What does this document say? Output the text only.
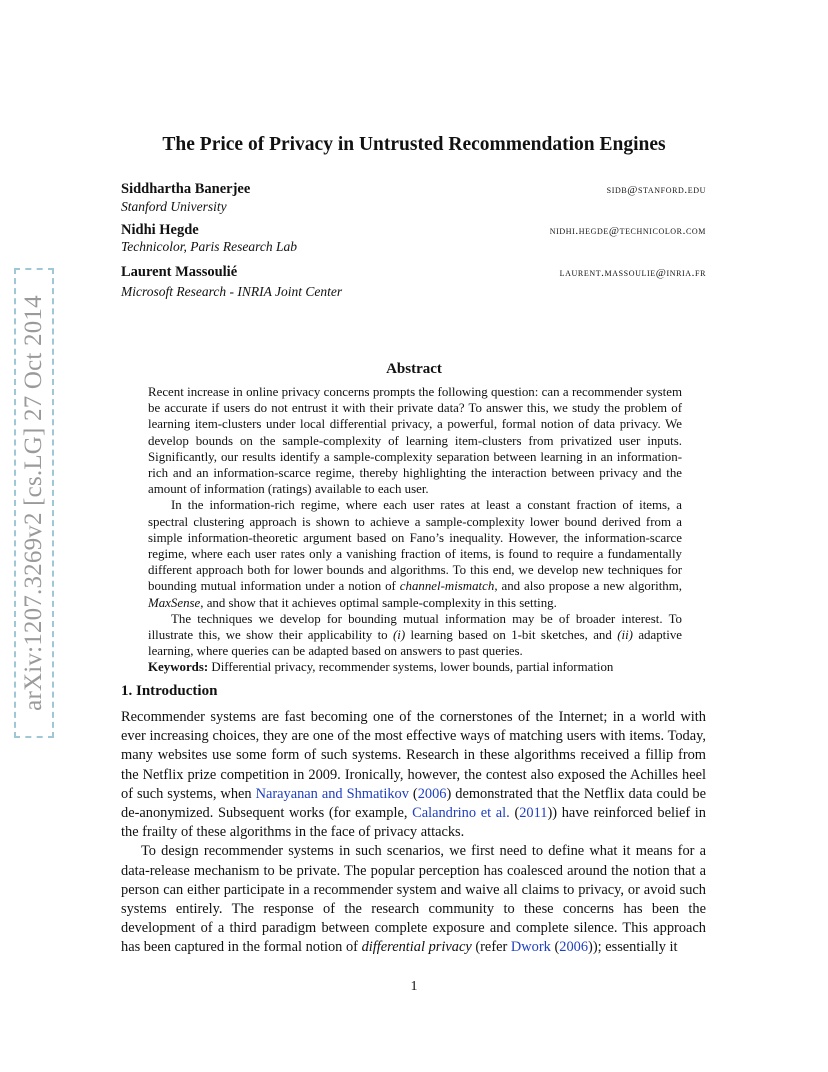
arXiv:1207.3269v2 [cs.LG] 27 Oct 2014
The Price of Privacy in Untrusted Recommendation Engines
Siddhartha Banerjee	sidb@stanford.edu
Stanford University
Nidhi Hegde	nidhi.hegde@technicolor.com
Technicolor, Paris Research Lab
Laurent Massoulié	laurent.massoulie@inria.fr
Microsoft Research - INRIA Joint Center
Abstract

Recent increase in online privacy concerns prompts the following question: can a recommender system be accurate if users do not entrust it with their private data? To answer this, we study the problem of learning item-clusters under local differential privacy, a powerful, formal notion of data privacy. We develop bounds on the sample-complexity of learning item-clusters from privatized user inputs. Significantly, our results identify a sample-complexity separation between learning in an information-rich and an information-scarce regime, thereby highlighting the interaction between privacy and the amount of information (ratings) available to each user.

In the information-rich regime, where each user rates at least a constant fraction of items, a spectral clustering approach is shown to achieve a sample-complexity lower bound derived from a simple information-theoretic argument based on Fano’s inequality. However, the information-scarce regime, where each user rates only a vanishing fraction of items, is found to require a fundamentally different approach both for lower bounds and algorithms. To this end, we develop new techniques for bounding mutual information under a notion of channel-mismatch, and also propose a new algorithm, MaxSense, and show that it achieves optimal sample-complexity in this setting.

The techniques we develop for bounding mutual information may be of broader interest. To illustrate this, we show their applicability to (i) learning based on 1-bit sketches, and (ii) adaptive learning, where queries can be adapted based on answers to past queries.

Keywords: Differential privacy, recommender systems, lower bounds, partial information

1. Introduction

Recommender systems are fast becoming one of the cornerstones of the Internet; in a world with ever increasing choices, they are one of the most effective ways of matching users with items. Today, many websites use some form of such systems. Research in these algorithms received a fillip from the Netflix prize competition in 2009. Ironically, however, the contest also exposed the Achilles heel of such systems, when Narayanan and Shmatikov (2006) demonstrated that the Netflix data could be de-anonymized. Subsequent works (for example, Calandrino et al. (2011)) have reinforced belief in the frailty of these algorithms in the face of privacy attacks.

To design recommender systems in such scenarios, we first need to define what it means for a data-release mechanism to be private. The popular perception has coalesced around the notion that a person can either participate in a recommender system and waive all claims to privacy, or avoid such systems entirely. The response of the research community to these concerns has been the development of a third paradigm between complete exposure and complete silence. This approach has been captured in the formal notion of differential privacy (refer Dwork (2006)); essentially it

1
